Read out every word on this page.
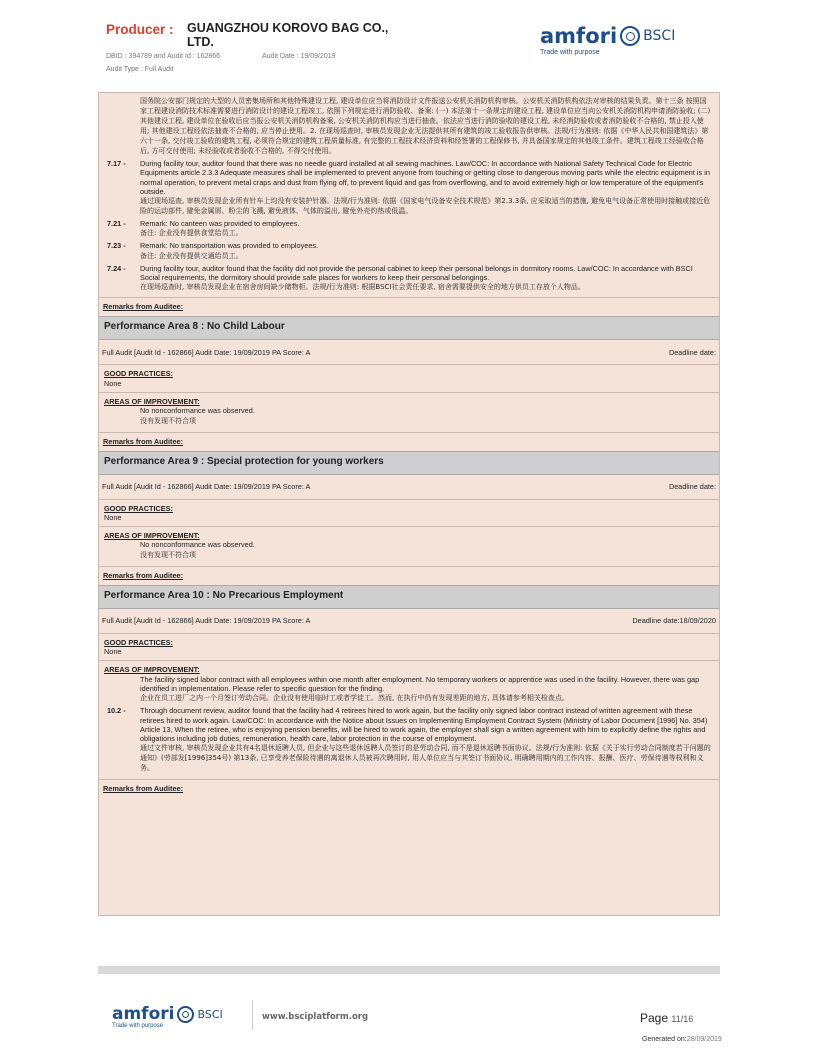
Producer : GUANGZHOU KOROVO BAG CO., LTD.
DBID : 394789 and Audit Id : 162866	Audit Date : 19/09/2019
Audit Type : Full Audit
amfori BSCI
Trade with purpose
国务院公安部门规定的大型的人员密集场所和其他特殊建设工程, 建设单位应当将消防设计文件报送公安机关消防机构审核。公安机关消防机构依法对审核的结果负责。第十三条 按照国家工程建设消防技术标准需要进行消防设计的建设工程竣工, 依照下列规定进行消防验收、备案: (一) 本法第十一条规定的建设工程, 建设单位应当向公安机关消防机构申请消防验收; (二) 其他建设工程, 建设单位在验收后应当报公安机关消防机构备案, 公安机关消防机构应当进行抽查。依法应当进行消防验收的建设工程, 未经消防验收或者消防验收不合格的, 禁止投入使用; 其他建设工程经依法抽查不合格的, 应当停止使用。2. 在现场巡查时, 审核员发现企业无法提供其所有建筑的竣工验收报告供审核。法规/行为准则: 依据《中华人民共和国建筑法》第六十一条, 交付竣工验收的建筑工程, 必须符合规定的建筑工程质量标准, 有完整的工程技术经济资料和经签署的工程保修书, 并具备国家规定的其他竣工条件。建筑工程竣工经验收合格后, 方可交付使用; 未经验收或者验收不合格的, 不得交付使用。
7.17 -	During facility tour, auditor found that there was no needle guard installed at all sewing machines. Law/COC: In accordance with National Safety Technical Code for Electric Equipments article 2.3.3 Adequate measures shall be implemented to prevent anyone from touching or getting close to dangerous moving parts while the electric equipment is in normal operation, to prevent metal craps and dust from flying off, to prevent liquid and gas from overflowing, and to avoid extremely high or low temperature of the equipment's outside.
通过现场巡查, 审核员发现企业所有针车上均没有安装护针器。法规/行为准则: 依据《国家电气设备安全技术规范》第2.3.3条, 应采取适当的措施, 避免电气设备正常使用时接触或接近危险的运动部件, 避免金属屑、粉尘的飞溅, 避免液体、气体的溢出, 避免外壳灼热或低温。
7.21 -	Remark: No canteen was provided to employees.
备注: 企业没有提供食堂给员工。
7.23 -	Remark: No transportation was provided to employees.
备注: 企业没有提供交通给员工。
7.24 -	During facility tour, auditor found that the facility did not provide the personal cabinet to keep their personal belongs in dormitory rooms. Law/COC: In accordance with BSCI Social requirements, the dormitory should provide safe places for workers to keep their personal belongings.
在现场巡查时, 审核员发现企业在宿舍房间缺少储物柜。法规/行为准则: 根据BSCI社会责任要求, 宿舍需要提供安全的地方供员工存放个人物品。
Remarks from Auditee:
Performance Area 8 : No Child Labour
Full Audit [Audit Id - 162866] Audit Date: 19/09/2019 PA Score: A	Deadline date:
GOOD PRACTICES:
None
AREAS OF IMPROVEMENT:
No nonconformance was observed.
没有发现不符合项
Remarks from Auditee:
Performance Area 9 : Special protection for young workers
Full Audit [Audit Id - 162866] Audit Date: 19/09/2019 PA Score: A	Deadline date:
GOOD PRACTICES:
None
AREAS OF IMPROVEMENT:
No nonconformance was observed.
没有发现不符合项
Remarks from Auditee:
Performance Area 10 : No Precarious Employment
Full Audit [Audit Id - 162866] Audit Date: 19/09/2019 PA Score: A	Deadline date:18/09/2020
GOOD PRACTICES:
None
AREAS OF IMPROVEMENT:
The facility signed labor contract with all employees within one month after employment. No temporary workers or apprentice was used in the facility. However, there was gap identified in implementation. Please refer to specific question for the finding.
企业在员工进厂之内一个月签订劳动合同。企业没有使用临时工或者学徒工。然而, 在执行中仍有发现差距的地方, 具体请参考相关检查点。
10.2 -	Through document review, auditor found that the facility had 4 retirees hired to work again, but the facility only signed labor contract instead of written agreement with these retirees hired to work again. Law/COC: In accordance with the Notice about Issues on Implementing Employment Contract System (Ministry of Labor Document [1996] No. 354) Article 13, When the retiree, who is enjoying pension benefits, will be hired to work again, the employer shall sign a written agreement with him to explicitly define the rights and obligations including job duties, remuneration, health care, labor protection in the course of employment.
通过文件审核, 审核员发现企业共有4名退休返聘人员, 但企业与这些退休返聘人员签订的是劳动合同, 而不是退休返聘书面协议。法规/行为准则: 依据《关于实行劳动合同制度若干问题的通知》(劳部发[1996]354号) 第13条, 已享受养老保险待遇的离退休人员被再次聘用时, 用人单位应当与其签订书面协议, 明确聘用期内的工作内容、报酬、医疗、劳保待遇等权利和义务。
Remarks from Auditee:
amfori BSCI
Trade with purpose
www.bsciplatform.org	Page 11/16
Generated on:28/09/2019
